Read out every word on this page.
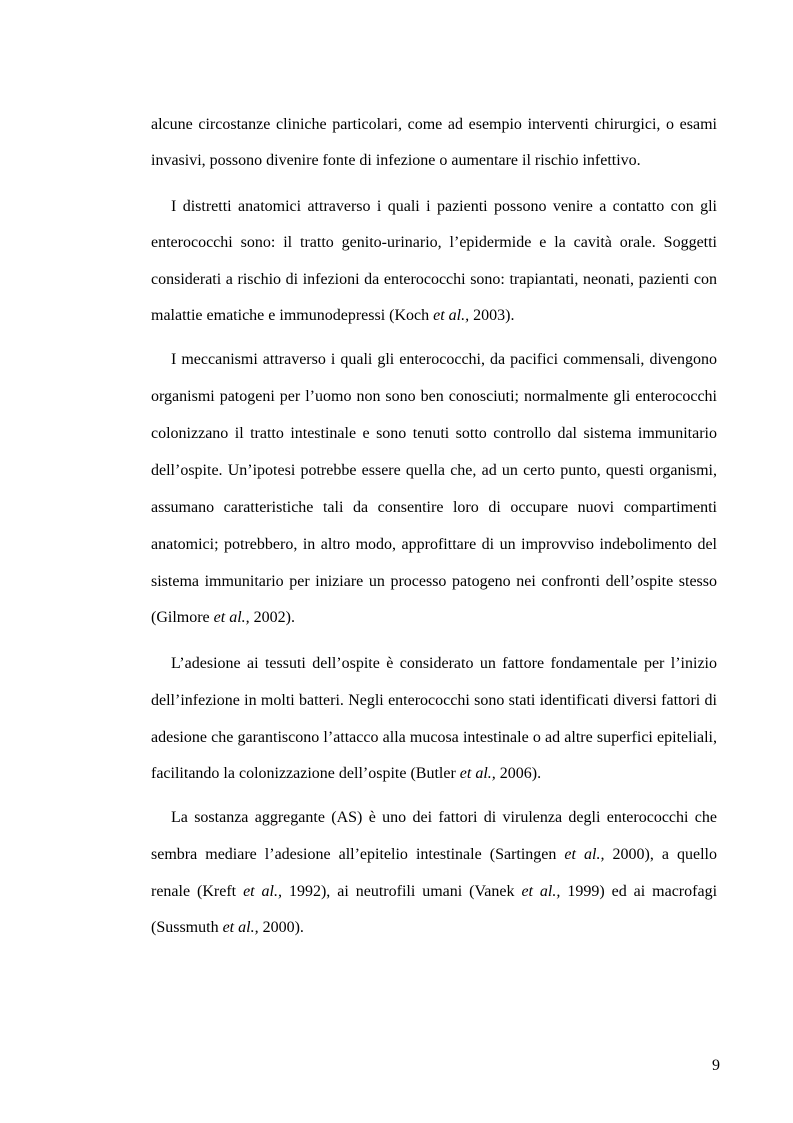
alcune circostanze cliniche particolari, come ad esempio interventi chirurgici, o esami
invasivi, possono divenire fonte di infezione o aumentare il rischio infettivo.
I distretti anatomici attraverso i quali i pazienti possono venire a contatto con gli
enterococchi sono: il tratto genito-urinario, l’epidermide e la cavità orale. Soggetti
considerati a rischio di infezioni da enterococchi sono: trapiantati, neonati, pazienti con
malattie ematiche e immunodepressi (Koch et al., 2003).
I meccanismi attraverso i quali gli enterococchi, da pacifici commensali, divengono
organismi patogeni per l’uomo non sono ben conosciuti; normalmente gli enterococchi
colonizzano il tratto intestinale e sono tenuti sotto controllo dal sistema immunitario
dell’ospite. Un’ipotesi potrebbe essere quella che, ad un certo punto, questi organismi,
assumano caratteristiche tali da consentire loro di occupare nuovi compartimenti
anatomici; potrebbero, in altro modo, approfittare di un improvviso indebolimento del
sistema immunitario per iniziare un processo patogeno nei confronti dell’ospite stesso
(Gilmore et al., 2002).
L’adesione ai tessuti dell’ospite è considerato un fattore fondamentale per l’inizio
dell’infezione in molti batteri. Negli enterococchi sono stati identificati diversi fattori di
adesione che garantiscono l’attacco alla mucosa intestinale o ad altre superfici epiteliali,
facilitando la colonizzazione dell’ospite (Butler et al., 2006).
La sostanza aggregante (AS) è uno dei fattori di virulenza degli enterococchi che
sembra mediare l’adesione all’epitelio intestinale (Sartingen et al., 2000), a quello
renale (Kreft et al., 1992), ai neutrofili umani (Vanek et al., 1999) ed ai macrofagi
(Sussmuth et al., 2000).
9
